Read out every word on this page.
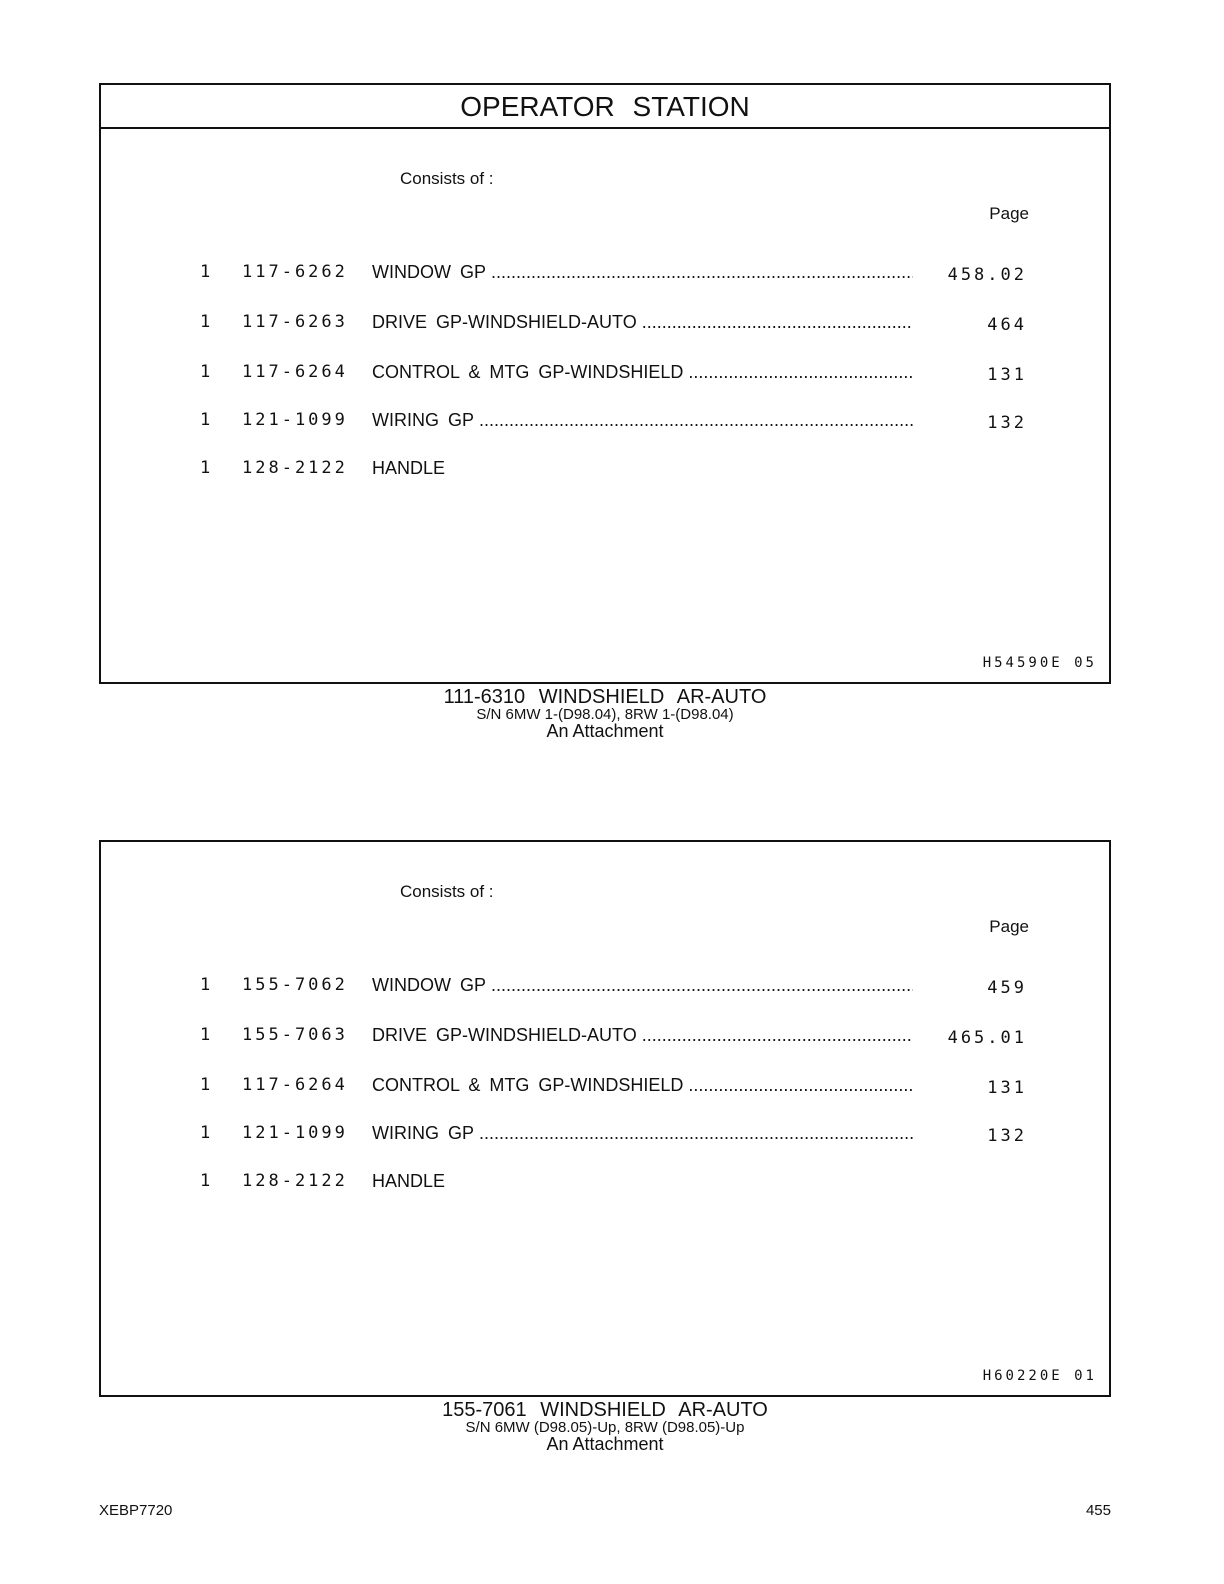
OPERATOR STATION
Consists of :
Page
1 117-6262 WINDOW GP .....	458.02
1 117-6263 DRIVE GP-WINDSHIELD-AUTO .....	464
1 117-6264 CONTROL & MTG GP-WINDSHIELD .....	131
1 121-1099 WIRING GP .....	132
1 128-2122 HANDLE
H54590E 05
111-6310 WINDSHIELD AR-AUTO
S/N 6MW 1-(D98.04), 8RW 1-(D98.04)
An Attachment
Consists of :
Page
1 155-7062 WINDOW GP .....	459
1 155-7063 DRIVE GP-WINDSHIELD-AUTO .....	465.01
1 117-6264 CONTROL & MTG GP-WINDSHIELD .....	131
1 121-1099 WIRING GP .....	132
1 128-2122 HANDLE
H60220E 01
155-7061 WINDSHIELD AR-AUTO
S/N 6MW (D98.05)-Up, 8RW (D98.05)-Up
An Attachment
XEBP7720	455
